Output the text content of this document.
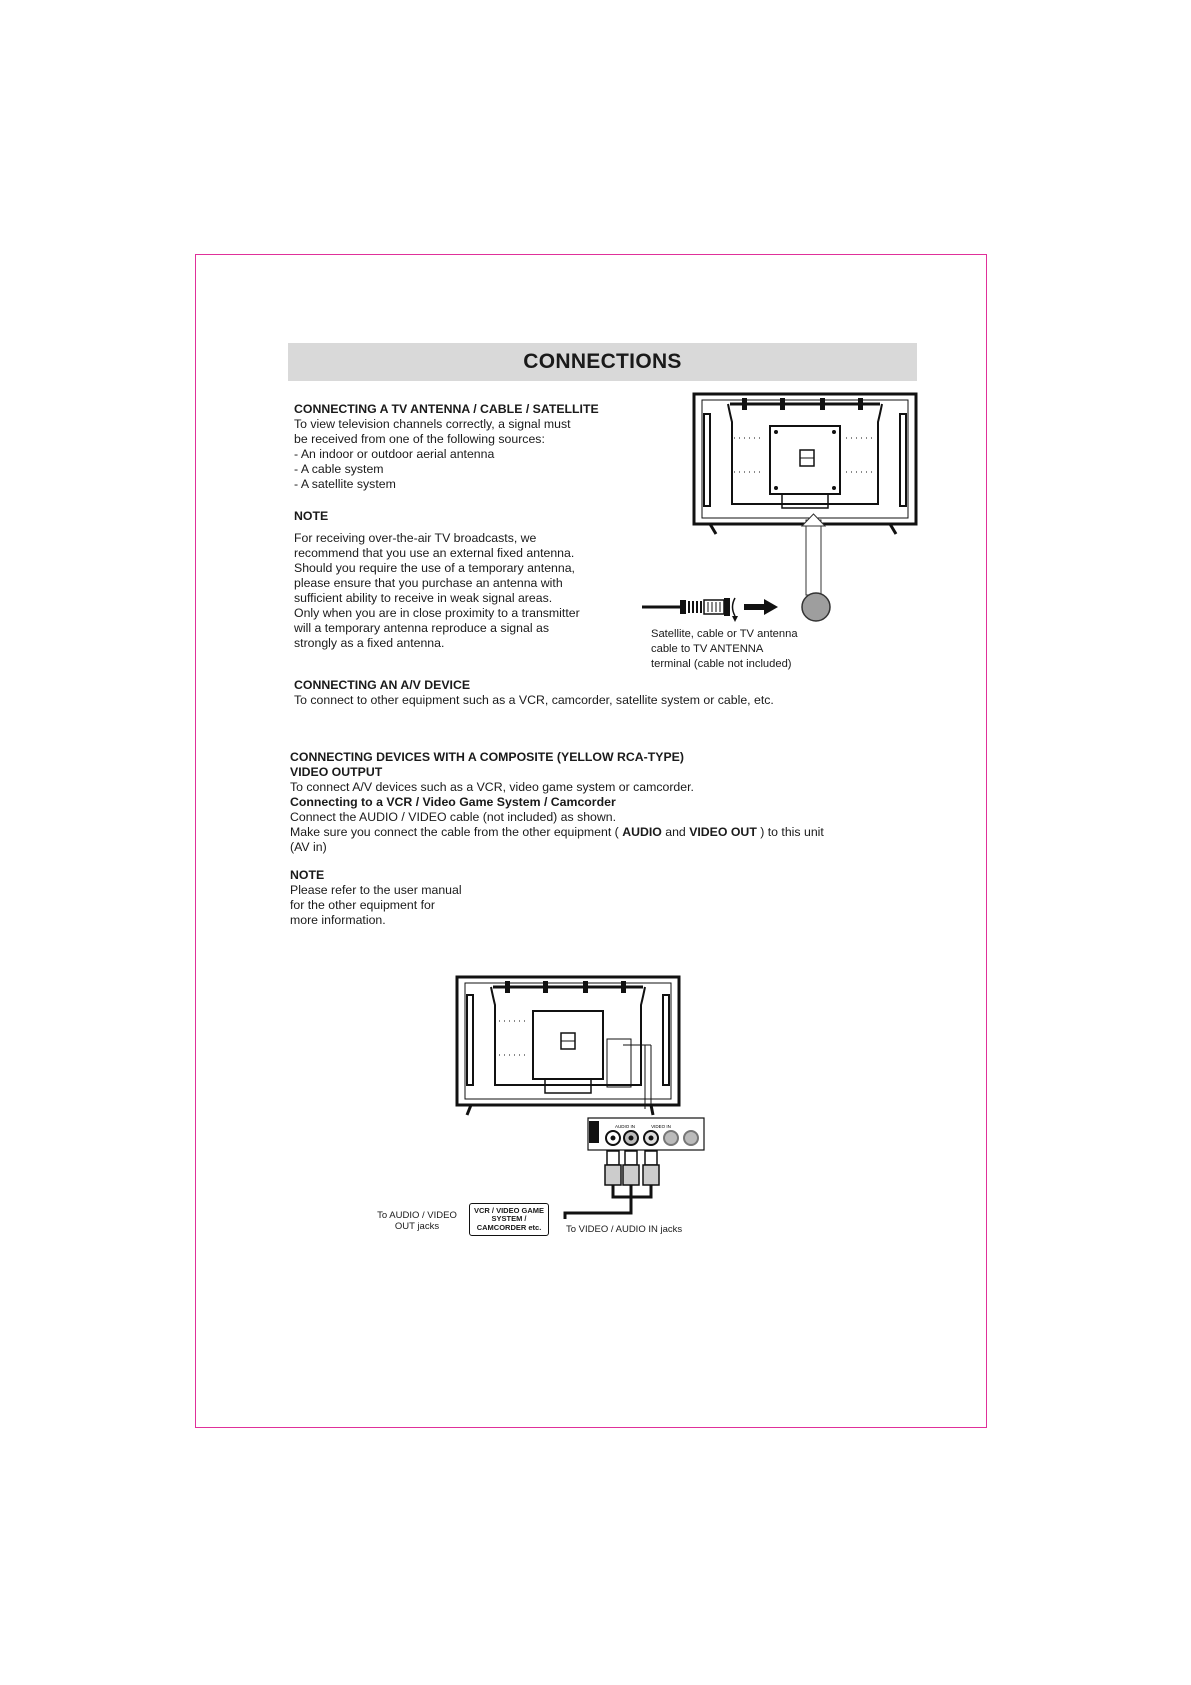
CONNECTIONS
CONNECTING A TV ANTENNA / CABLE / SATELLITE
To view television channels correctly, a signal must
be received from one of the following sources:
- An indoor or outdoor aerial antenna
- A cable system
- A satellite system
NOTE
For receiving over-the-air TV broadcasts, we
recommend that you use an external fixed antenna.
Should you require the use of a temporary antenna,
please ensure that you purchase an antenna with
sufficient ability to receive in weak signal areas.
Only when you are in close proximity to a transmitter
will a temporary antenna reproduce a signal as
strongly as a fixed antenna.
Satellite, cable or TV antenna
cable to TV ANTENNA
terminal (cable not included)
CONNECTING AN A/V DEVICE
To connect to other equipment such as a VCR, camcorder, satellite system or cable, etc.
CONNECTING DEVICES WITH A COMPOSITE (YELLOW RCA-TYPE)
VIDEO OUTPUT
To connect A/V devices such as a VCR, video game system or camcorder.
Connecting to a VCR / Video Game System / Camcorder
Connect the AUDIO / VIDEO cable (not included) as shown.
Make sure you connect the cable from the other equipment ( AUDIO and VIDEO OUT ) to this unit
(AV in)
NOTE
Please refer to the user manual
for the other equipment for
more information.
AUDIO IN	VIDEO IN
VCR / VIDEO GAME
SYSTEM /
CAMCORDER etc.
To AUDIO / VIDEO
OUT jacks	To VIDEO / AUDIO IN jacks
